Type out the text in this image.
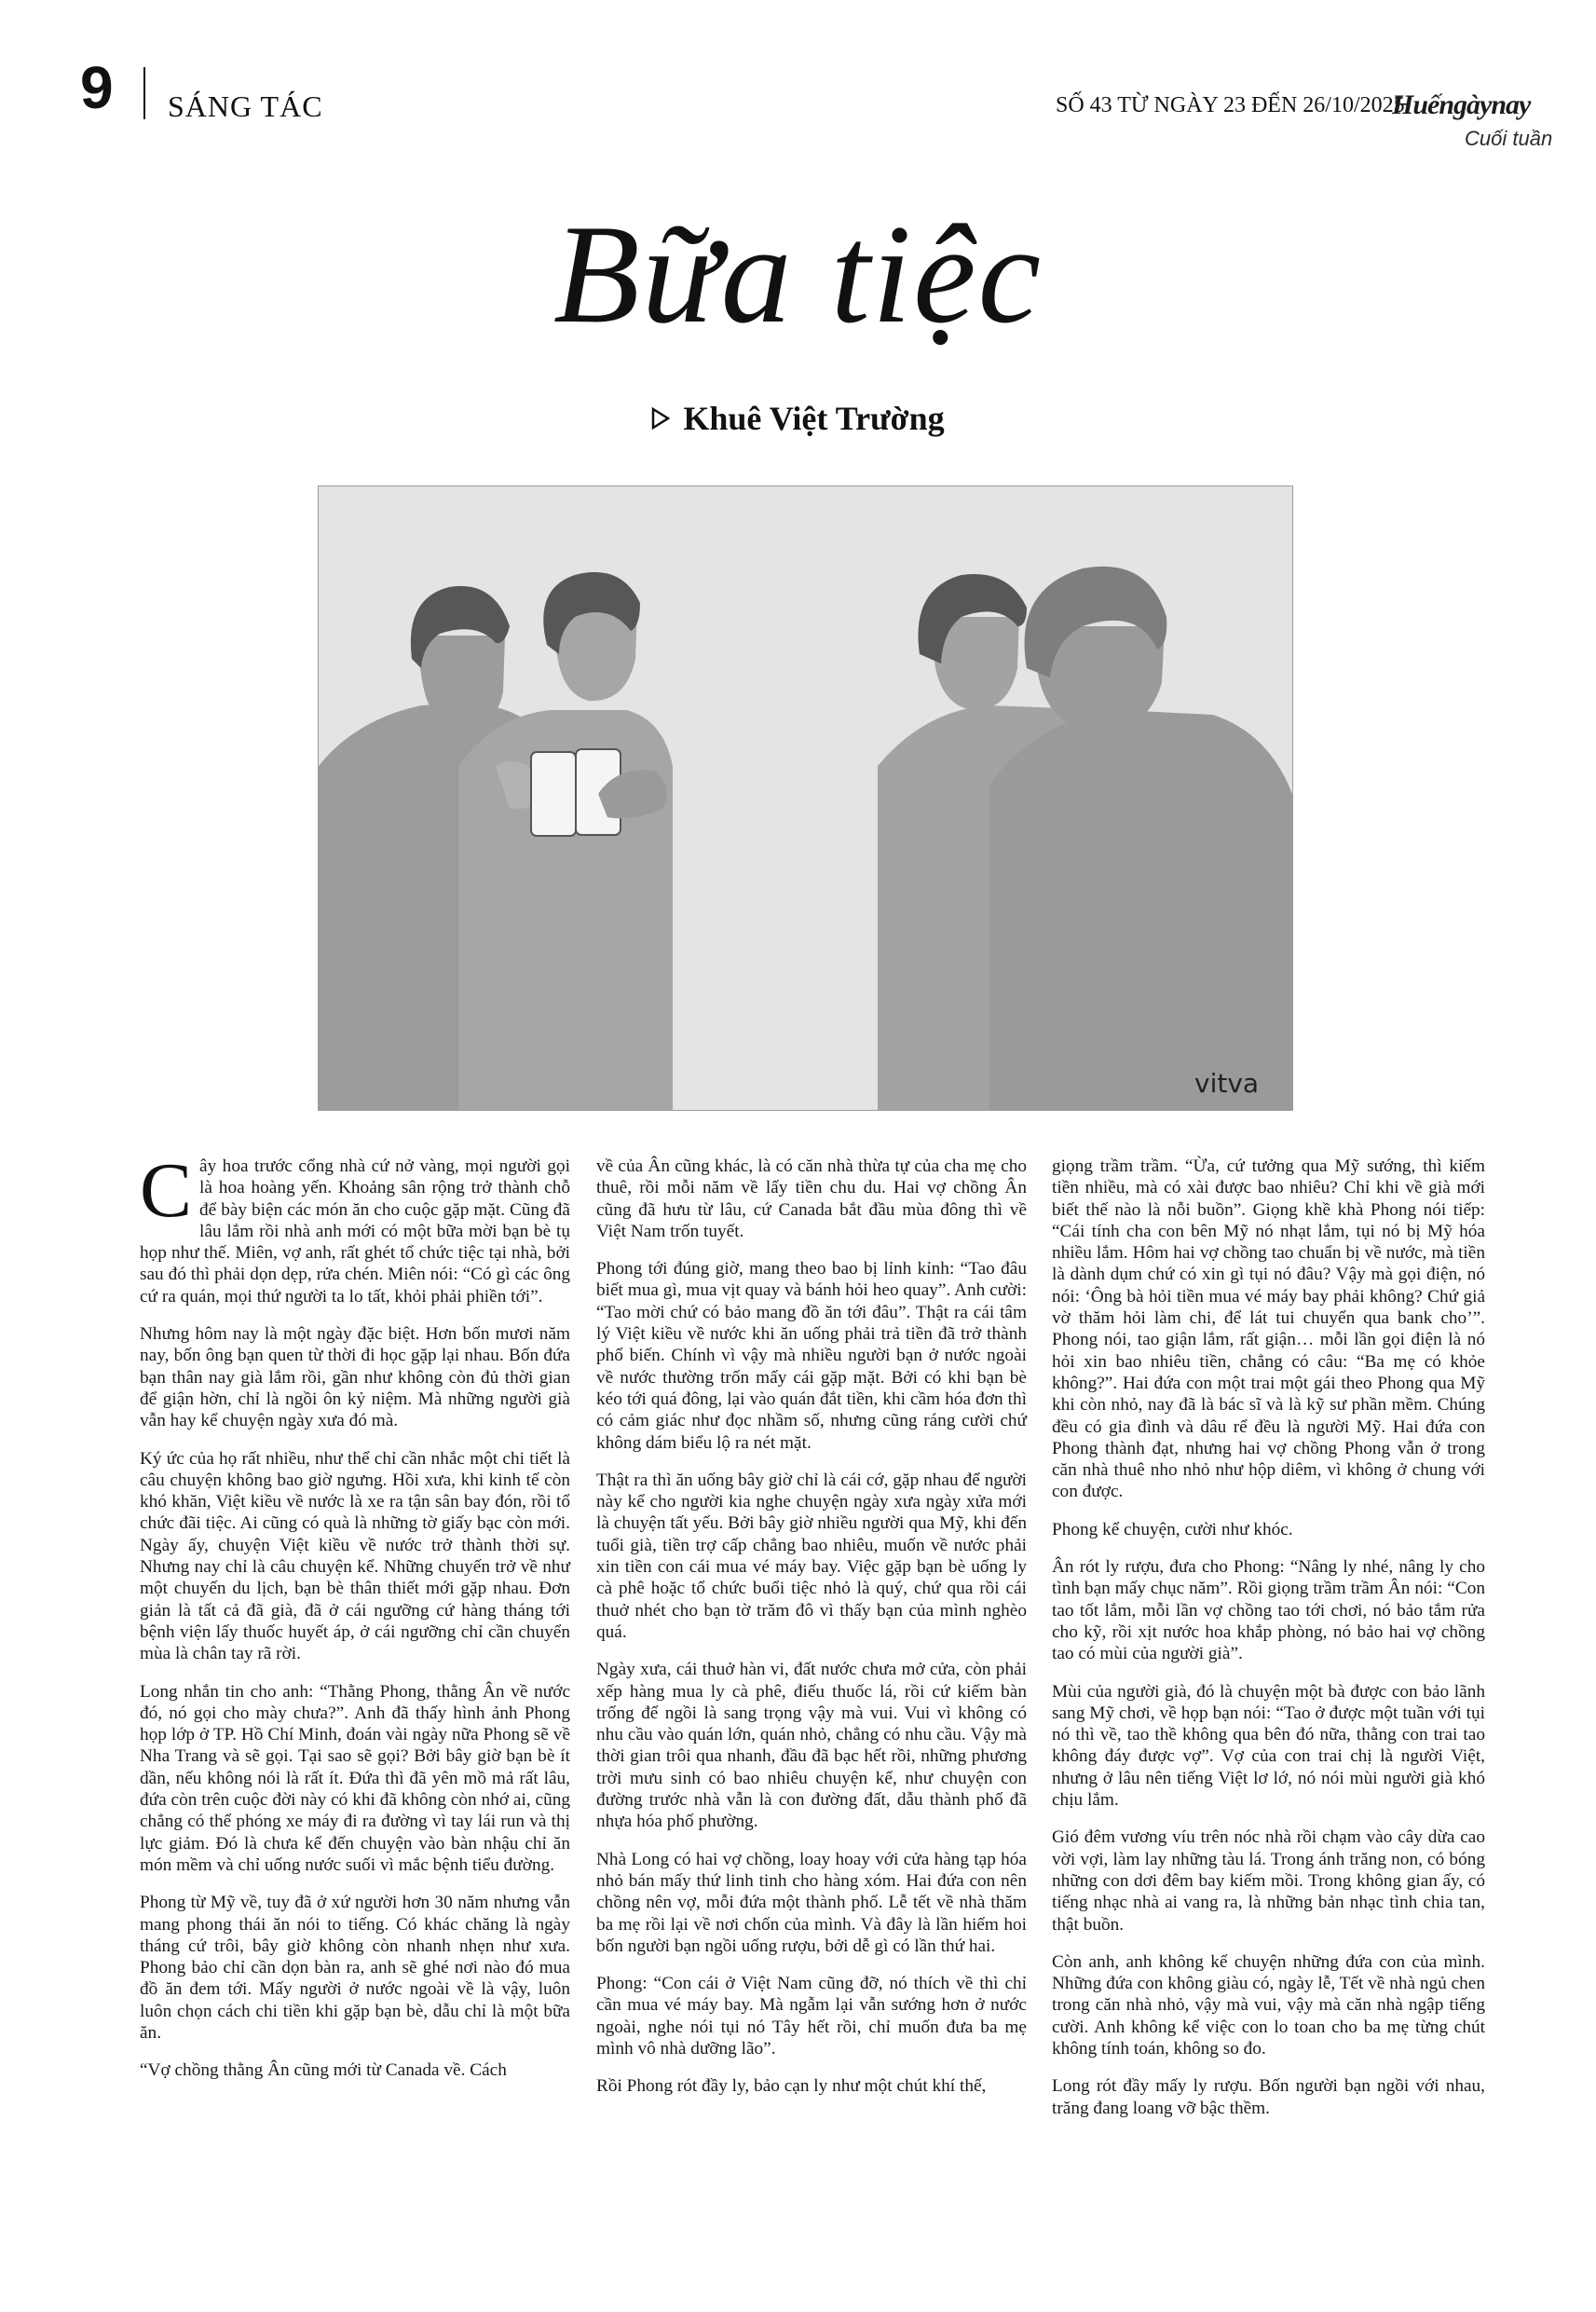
9 SÁNG TÁC	SỐ 43 TỪ NGÀY 23 ĐẾN 26/10/2025
Huếngàynay
Cuối tuần
Bữa tiệc
Khuê Việt Trường
vitva

Cây hoa trước cổng nhà cứ nở vàng, mọi người gọi là hoa hoàng yến. Khoảng sân rộng trở thành chỗ để bày biện các món ăn cho cuộc gặp mặt. Cũng đã lâu lắm rồi nhà anh mới có một bữa mời bạn bè tụ họp như thế. Miên, vợ anh, rất ghét tổ chức tiệc tại nhà, bởi sau đó thì phải dọn dẹp, rửa chén. Miên nói: “Có gì các ông cứ ra quán, mọi thứ người ta lo tất, khỏi phải phiền tới”.

Nhưng hôm nay là một ngày đặc biệt. Hơn bốn mươi năm nay, bốn ông bạn quen từ thời đi học gặp lại nhau. Bốn đứa bạn thân nay già lắm rồi, gần như không còn đủ thời gian để giận hờn, chỉ là ngồi ôn kỷ niệm. Mà những người già vẫn hay kể chuyện ngày xưa đó mà.

Ký ức của họ rất nhiều, như thể chỉ cần nhắc một chi tiết là câu chuyện không bao giờ ngưng. Hồi xưa, khi kinh tế còn khó khăn, Việt kiều về nước là xe ra tận sân bay đón, rồi tổ chức đãi tiệc. Ai cũng có quà là những tờ giấy bạc còn mới. Ngày ấy, chuyện Việt kiều về nước trở thành thời sự. Nhưng nay chỉ là câu chuyện kể. Những chuyến trở về như một chuyến du lịch, bạn bè thân thiết mới gặp nhau. Đơn giản là tất cả đã già, đã ở cái ngưỡng cứ hàng tháng tới bệnh viện lấy thuốc huyết áp, ở cái ngưỡng chỉ cần chuyển mùa là chân tay rã rời.

Long nhắn tin cho anh: “Thằng Phong, thằng Ân về nước đó, nó gọi cho mày chưa?”. Anh đã thấy hình ảnh Phong họp lớp ở TP. Hồ Chí Minh, đoán vài ngày nữa Phong sẽ về Nha Trang và sẽ gọi. Tại sao sẽ gọi? Bởi bây giờ bạn bè ít dần, nếu không nói là rất ít. Đứa thì đã yên mồ mả rất lâu, đứa còn trên cuộc đời này có khi đã không còn nhớ ai, cũng chẳng có thể phóng xe máy đi ra đường vì tay lái run và thị lực giảm. Đó là chưa kể đến chuyện vào bàn nhậu chỉ ăn món mềm và chỉ uống nước suối vì mắc bệnh tiểu đường.

Phong từ Mỹ về, tuy đã ở xứ người hơn 30 năm nhưng vẫn mang phong thái ăn nói to tiếng. Có khác chăng là ngày tháng cứ trôi, bây giờ không còn nhanh nhẹn như xưa. Phong bảo chỉ cần dọn bàn ra, anh sẽ ghé nơi nào đó mua đồ ăn đem tới. Mấy người ở nước ngoài về là vậy, luôn luôn chọn cách chi tiền khi gặp bạn bè, dẫu chỉ là một bữa ăn.

“Vợ chồng thằng Ân cũng mới từ Canada về. Cách

về của Ân cũng khác, là có căn nhà thừa tự của cha mẹ cho thuê, rồi mỗi năm về lấy tiền chu du. Hai vợ chồng Ân cũng đã hưu từ lâu, cứ Canada bắt đầu mùa đông thì về Việt Nam trốn tuyết.

Phong tới đúng giờ, mang theo bao bị lỉnh kỉnh: “Tao đâu biết mua gì, mua vịt quay và bánh hỏi heo quay”. Anh cười: “Tao mời chứ có bảo mang đồ ăn tới đâu”. Thật ra cái tâm lý Việt kiều về nước khi ăn uống phải trả tiền đã trở thành phổ biến. Chính vì vậy mà nhiều người bạn ở nước ngoài về nước thường trốn mấy cái gặp mặt. Bởi có khi bạn bè kéo tới quá đông, lại vào quán đắt tiền, khi cầm hóa đơn thì có cảm giác như đọc nhầm số, nhưng cũng ráng cười chứ không dám biểu lộ ra nét mặt.

Thật ra thì ăn uống bây giờ chỉ là cái cớ, gặp nhau để người này kể cho người kia nghe chuyện ngày xưa ngày xửa mới là chuyện tất yếu. Bởi bây giờ nhiều người qua Mỹ, khi đến tuổi già, tiền trợ cấp chẳng bao nhiêu, muốn về nước phải xin tiền con cái mua vé máy bay. Việc gặp bạn bè uống ly cà phê hoặc tổ chức buổi tiệc nhỏ là quý, chứ qua rồi cái thuở nhét cho bạn tờ trăm đô vì thấy bạn của mình nghèo quá.

Ngày xưa, cái thuở hàn vi, đất nước chưa mở cửa, còn phải xếp hàng mua ly cà phê, điếu thuốc lá, rồi cứ kiếm bàn trống để ngồi là sang trọng vậy mà vui. Vui vì không có nhu cầu vào quán lớn, quán nhỏ, chẳng có nhu cầu. Vậy mà thời gian trôi qua nhanh, đầu đã bạc hết rồi, những phương trời mưu sinh có bao nhiêu chuyện kể, như chuyện con đường trước nhà vẫn là con đường đất, dẫu thành phố đã nhựa hóa phố phường.

Nhà Long có hai vợ chồng, loay hoay với cửa hàng tạp hóa nhỏ bán mấy thứ linh tinh cho hàng xóm. Hai đứa con nên chồng nên vợ, mỗi đứa một thành phố. Lễ tết về nhà thăm ba mẹ rồi lại về nơi chốn của mình. Và đây là lần hiếm hoi bốn người bạn ngồi uống rượu, bởi dễ gì có lần thứ hai.

Phong: “Con cái ở Việt Nam cũng đỡ, nó thích về thì chỉ cần mua vé máy bay. Mà ngẫm lại vẫn sướng hơn ở nước ngoài, nghe nói tụi nó Tây hết rồi, chỉ muốn đưa ba mẹ mình vô nhà dưỡng lão”.

Rồi Phong rót đầy ly, bảo cạn ly như một chút khí thế,

giọng trầm trầm. “Ừa, cứ tưởng qua Mỹ sướng, thì kiếm tiền nhiều, mà có xài được bao nhiêu? Chỉ khi về già mới biết thế nào là nỗi buồn”. Giọng khề khà Phong nói tiếp: “Cái tính cha con bên Mỹ nó nhạt lắm, tụi nó bị Mỹ hóa nhiều lắm. Hôm hai vợ chồng tao chuẩn bị về nước, mà tiền là dành dụm chứ có xin gì tụi nó đâu? Vậy mà gọi điện, nó nói: ‘Ông bà hỏi tiền mua vé máy bay phải không? Chứ giả vờ thăm hỏi làm chi, để lát tui chuyển qua bank cho’”. Phong nói, tao giận lắm, rất giận… mỗi lần gọi điện là nó hỏi xin bao nhiêu tiền, chẳng có câu: “Ba mẹ có khỏe không?”. Hai đứa con một trai một gái theo Phong qua Mỹ khi còn nhỏ, nay đã là bác sĩ và là kỹ sư phần mềm. Chúng đều có gia đình và dâu rể đều là người Mỹ. Hai đứa con Phong thành đạt, nhưng hai vợ chồng Phong vẫn ở trong căn nhà thuê nho nhỏ như hộp diêm, vì không ở chung với con được.

Phong kể chuyện, cười như khóc.

Ân rót ly rượu, đưa cho Phong: “Nâng ly nhé, nâng ly cho tình bạn mấy chục năm”. Rồi giọng trầm trầm Ân nói: “Con tao tốt lắm, mỗi lần vợ chồng tao tới chơi, nó bảo tắm rửa cho kỹ, rồi xịt nước hoa khắp phòng, nó bảo hai vợ chồng tao có mùi của người già”.

Mùi của người già, đó là chuyện một bà được con bảo lãnh sang Mỹ chơi, về họp bạn nói: “Tao ở được một tuần với tụi nó thì về, tao thề không qua bên đó nữa, thằng con trai tao không đáy được vợ”. Vợ của con trai chị là người Việt, nhưng ở lâu nên tiếng Việt lơ lớ, nó nói mùi người già khó chịu lắm.

Gió đêm vương víu trên nóc nhà rồi chạm vào cây dừa cao vời vợi, làm lay những tàu lá. Trong ánh trăng non, có bóng những con dơi đêm bay kiếm mồi. Trong không gian ấy, có tiếng nhạc nhà ai vang ra, là những bản nhạc tình chia tan, thật buồn.

Còn anh, anh không kể chuyện những đứa con của mình. Những đứa con không giàu có, ngày lễ, Tết về nhà ngủ chen trong căn nhà nhỏ, vậy mà vui, vậy mà căn nhà ngập tiếng cười. Anh không kể việc con lo toan cho ba mẹ từng chút không tính toán, không so đo.

Long rót đầy mấy ly rượu. Bốn người bạn ngồi với nhau, trăng đang loang vỡ bậc thềm.
